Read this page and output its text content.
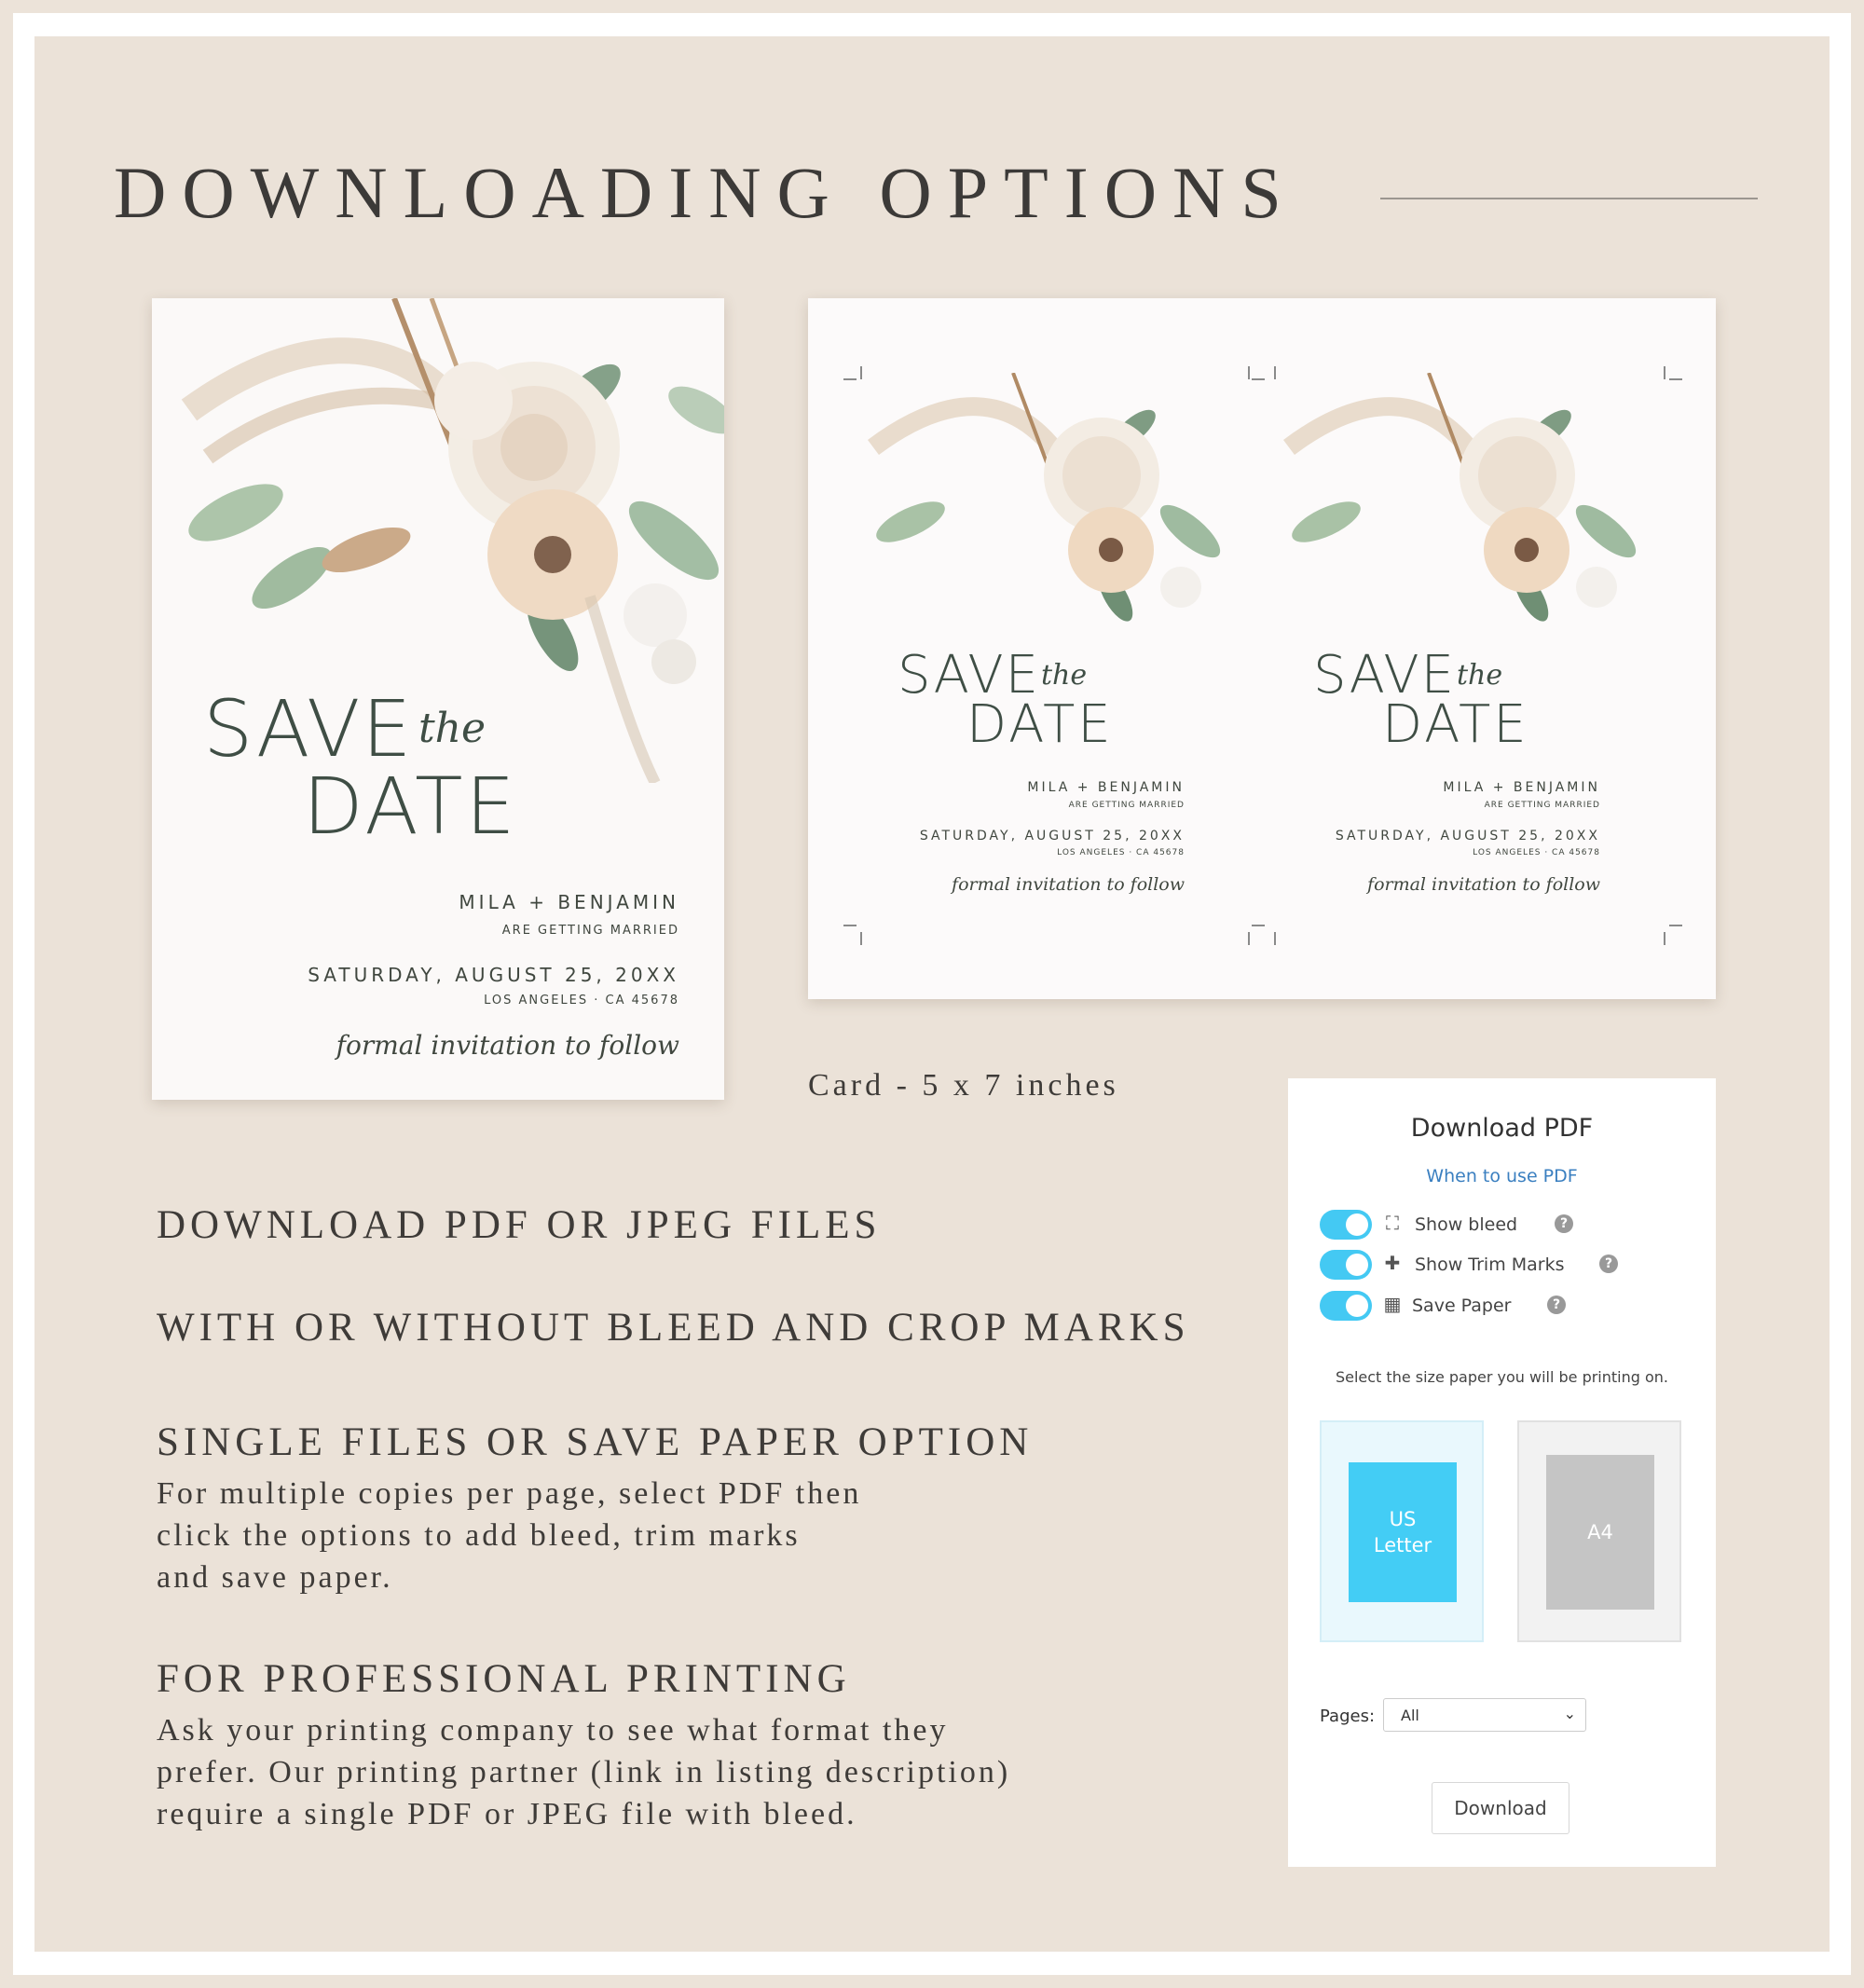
DOWNLOADING OPTIONS
SAVE the
DATE
MILA + BENJAMIN
ARE GETTING MARRIED
SATURDAY, AUGUST 25, 20XX
LOS ANGELES · CA 45678
formal invitation to follow
SAVE the
DATE
MILA + BENJAMIN
ARE GETTING MARRIED
SATURDAY, AUGUST 25, 20XX
LOS ANGELES · CA 45678
formal invitation to follow
SAVE the
DATE
MILA + BENJAMIN
ARE GETTING MARRIED
SATURDAY, AUGUST 25, 20XX
LOS ANGELES · CA 45678
formal invitation to follow
Card - 5 x 7 inches
DOWNLOAD PDF OR JPEG FILES
WITH OR WITHOUT BLEED AND CROP MARKS
SINGLE FILES OR SAVE PAPER OPTION
For multiple copies per page, select PDF then
click the options to add bleed, trim marks
and save paper.
FOR PROFESSIONAL PRINTING
Ask your printing company to see what format they
prefer. Our printing partner (link in listing description)
require a single PDF or JPEG file with bleed.
Download PDF
When to use PDF
⛶ Show bleed	?
✚ Show Trim Marks	?
▦ Save Paper	?
Select the size paper you will be printing on.
US
Letter
A4
Pages: All	⌄
Download
